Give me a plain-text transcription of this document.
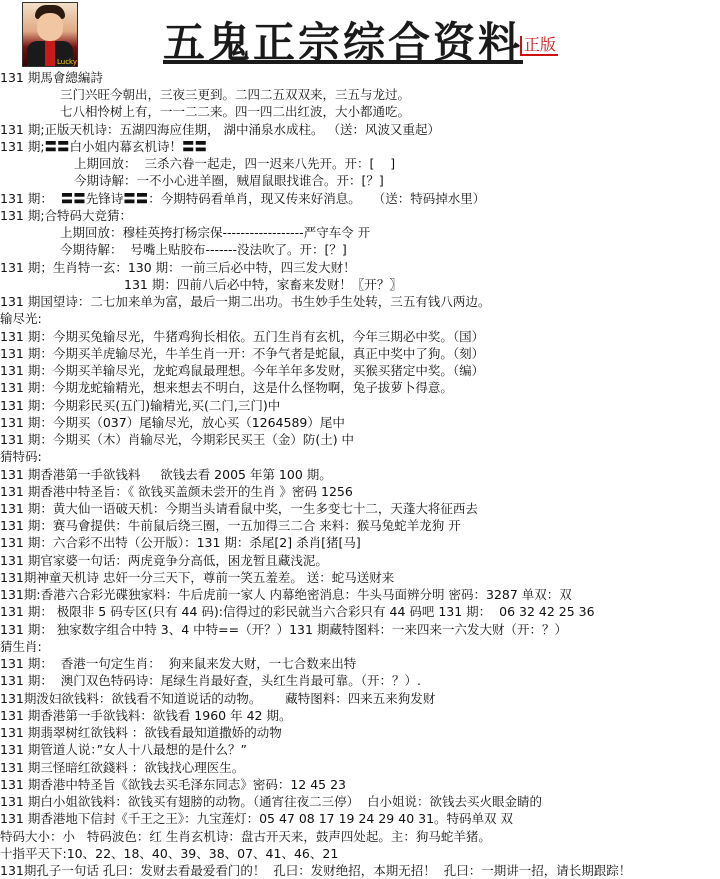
Lucky 五鬼正宗综合资料 正版
131 期馬會總編詩
三门兴旺今朝出，三夜三更到。二四二五双双来，三五与龙过。
七八相怜树上有，一一二二来。四一四二出红波，大小都通吃。
131 期;正版天机诗：五湖四海应佳期， 湖中涌泉水成柱。 （送：风波又重起）
131 期;〓〓白小姐内幕玄机诗！〓〓
上期回放：  三杀六眷一起走，四一迟来八先开。开：[    ]
今期诗解：一不小心进羊圈，贼眉鼠眼找谁合。开：[？]
131 期：  〓〓先锋诗〓〓：今期特码看单肖，现又传来好消息。   （送：特码掉水里）
131 期;合特码大竞猜：
上期回放：穆桂英挎打杨宗保------------------严守车令 开
今期待解：  号嘴上贴胶布-------没法吹了。开：[？]
131 期；生肖特一玄：130 期：一前三后必中特，四三发大财！
131 期：四前八后必中特，家畜来发财！〖开？〗
131 期国望诗：二七加来单为富，最后一期二出功。书生妙手生处转，三五有钱八两边。
输尽光:
131 期：今期买兔输尽光，牛猪鸡狗长相依。五门生肖有玄机，今年三期必中奖。（国）
131 期：今期买羊虎输尽光，牛羊生肖一开：不争气者是蛇鼠，真正中奖中了狗。（刻）
131 期：今期买羊输尽光，龙蛇鸡鼠最理想。今年羊年多发财，买猴买猪定中奖。（编）
131 期：今期龙蛇输精光，想来想去不明白，这是什么怪物啊，兔子拔萝卜得意。
131 期：今期彩民买(五门)输精光,买(二门,三门)中
131 期：今期买（037）尾输尽光，放心买（1264589）尾中
131 期：今期买（木）肖输尽光，今期彩民买王（金）防(土) 中
猜特码:
131 期香港第一手欲钱料     欲钱去看 2005 年第 100 期。
131 期香港中特圣旨：《 欲钱买盖颜未尝开的生肖 》密码 1256
131 期：黄大仙一语破天机：今期当头请看鼠中奖，一生多变七十二，天蓬大将征西去
131 期：赛马會提供：牛前鼠后绕三圈，一五加得三二合 来料：猴马兔蛇羊龙狗 开
131 期：六合彩不出特（公开版）：131 期：杀尾[2] 杀肖[猪[马]
131 期官家婆一句话：两虎竟争分高低，困龙暂且藏浅泥。
131期神童天机诗 忠奸一分三天下，尊前一笑五羞差。 送：蛇马送财来
131期:香港六合彩光碟独家料：牛后虎前一家人 内幕绝密消息：牛头马面辨分明 密码：3287 单双：双
131 期： 极限非 5 码专区(只有 44 码):信得过的彩民就当六合彩只有 44 码吧 131 期：  06 32 42 25 36
131 期： 独家数字组合中特 3、4 中特==（开？）131 期藏特图料：一来四来一六发大财（开：？）
猜生肖:
131 期：  香港一句定生肖：  狗来鼠来发大财，一七合数来出特
131 期：  澳门双色特码诗：尾绿生肖最好查，头红生肖最可靠。（开：？）.
131期泼妇欲钱料：欲钱看不知道说话的动物。      藏特图料：四来五来狗发财
131 期香港第一手欲钱料：欲钱看 1960 年 42 期。
131 期翡翠树红欲钱料 ：欲钱看最知道撒娇的动物
131 期管道人说：”女人十八最想的是什么？”
131 期三怪暗红欲錢料 ：欲钱找心理医生。
131 期香港中特圣旨《欲钱去买毛泽东同志》密码：12 45 23
131 期白小姐欲钱料：欲钱买有翅膀的动物。（通宵往夜二三停）  白小姐说：欲钱去买火眼金睛的
131 期香港地下信封《千王之王》：九宝莲灯：05 47 08 17 19 24 29 40 31。特码单双 双
特码大小：小   特码波色：红 生肖玄机诗：盘古开天来，鼓声四处起。主：狗马蛇羊猪。
十指平天下:10、22、18、40、39、38、07、41、46、21
131期孔子一句话 孔曰：发财去看最爱看门的！  孔曰：发财绝招，本期无招！  孔曰：一期讲一招，请长期跟踪！
